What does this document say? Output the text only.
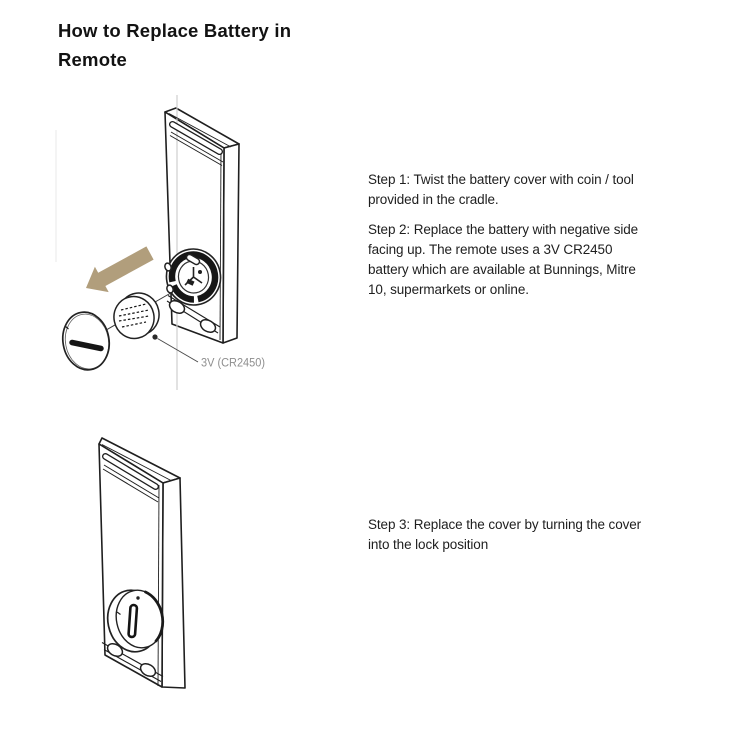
How to Replace Battery in
Remote
3V (CR2450)
Step 1: Twist the battery cover with coin / tool
provided in the cradle.
Step 2: Replace the battery with negative side
facing up. The remote uses a 3V CR2450
battery which are available at Bunnings, Mitre
10, supermarkets or online.
Step 3: Replace the cover by turning the cover
into the lock position
